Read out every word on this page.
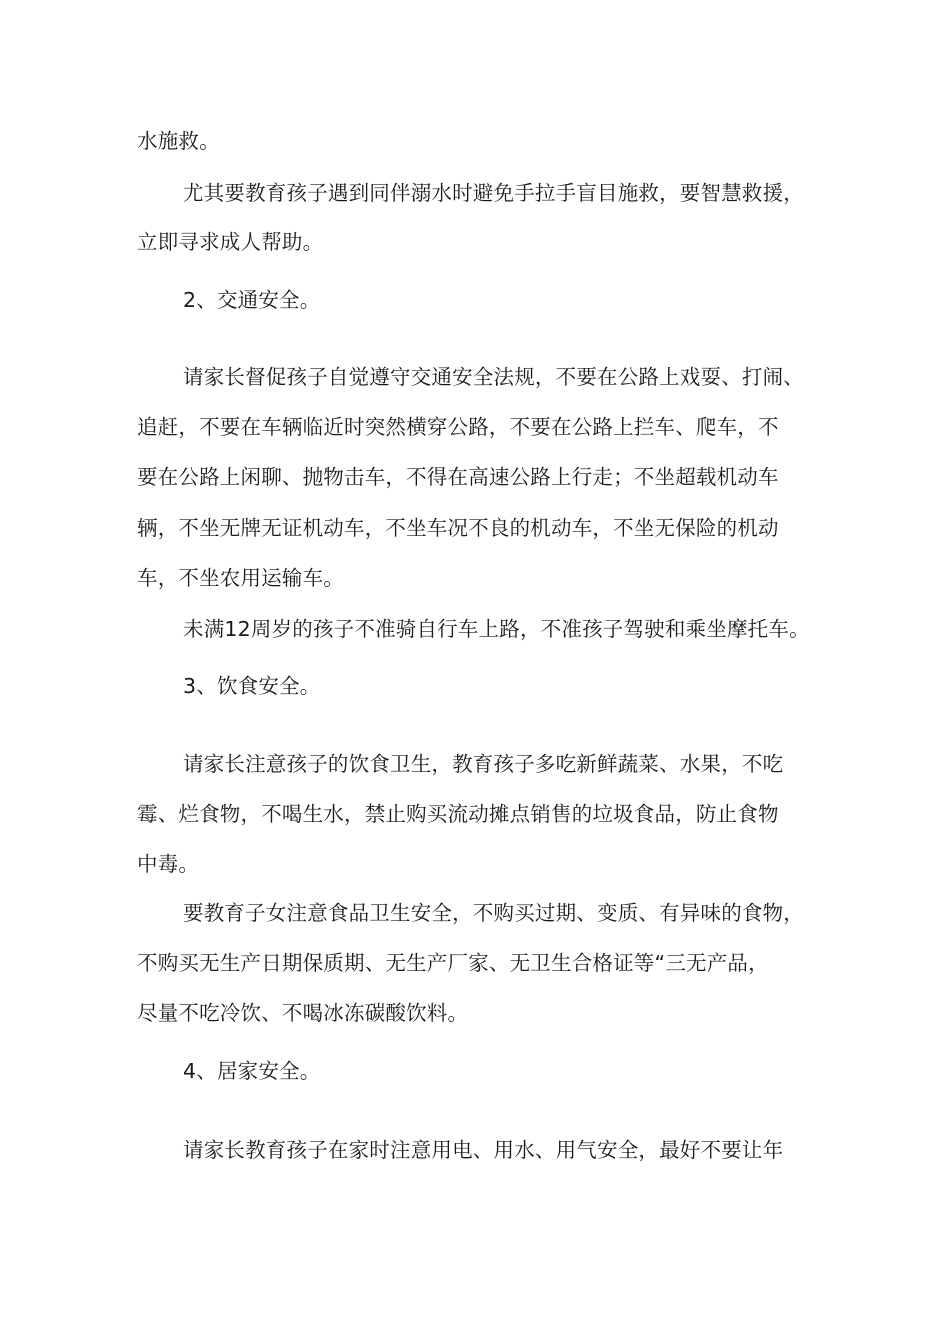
水施救。
尤其要教育孩子遇到同伴溺水时避免手拉手盲目施救，要智慧救援，
立即寻求成人帮助。
2、交通安全。
请家长督促孩子自觉遵守交通安全法规，不要在公路上戏耍、打闹、
追赶，不要在车辆临近时突然横穿公路，不要在公路上拦车、爬车，不
要在公路上闲聊、抛物击车，不得在高速公路上行走；不坐超载机动车
辆，不坐无牌无证机动车，不坐车况不良的机动车，不坐无保险的机动
车，不坐农用运输车。
未满12周岁的孩子不准骑自行车上路，不准孩子驾驶和乘坐摩托车。
3、饮食安全。
请家长注意孩子的饮食卫生，教育孩子多吃新鲜蔬菜、水果，不吃
霉、烂食物，不喝生水，禁止购买流动摊点销售的垃圾食品，防止食物
中毒。
要教育子女注意食品卫生安全，不购买过期、变质、有异味的食物，
不购买无生产日期保质期、无生产厂家、无卫生合格证等“三无产品，
尽量不吃冷饮、不喝冰冻碳酸饮料。
4、居家安全。
请家长教育孩子在家时注意用电、用水、用气安全，最好不要让年
